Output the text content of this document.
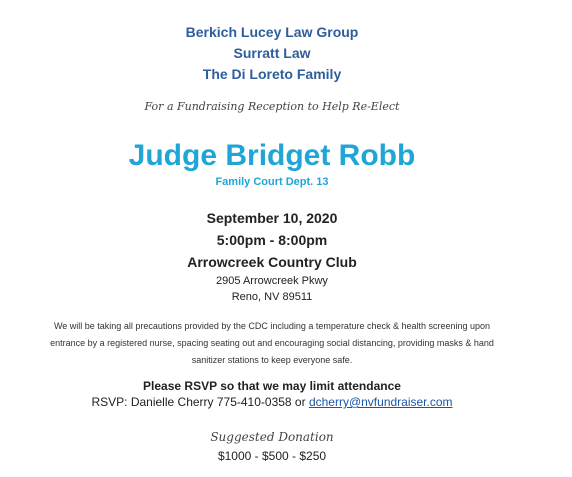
Berkich Lucey Law Group
Surratt Law
The Di Loreto Family
For a Fundraising Reception to Help Re-Elect
Judge Bridget Robb
Family Court Dept. 13
September 10, 2020
5:00pm - 8:00pm
Arrowcreek Country Club
2905 Arrowcreek Pkwy
Reno, NV 89511
We will be taking all precautions provided by the CDC including a temperature check & health screening upon entrance by a registered nurse, spacing seating out and encouraging social distancing, providing masks & hand sanitizer stations to keep everyone safe.
Please RSVP so that we may limit attendance
RSVP: Danielle Cherry 775-410-0358 or dcherry@nvfundraiser.com
Suggested Donation
$1000 - $500 - $250
